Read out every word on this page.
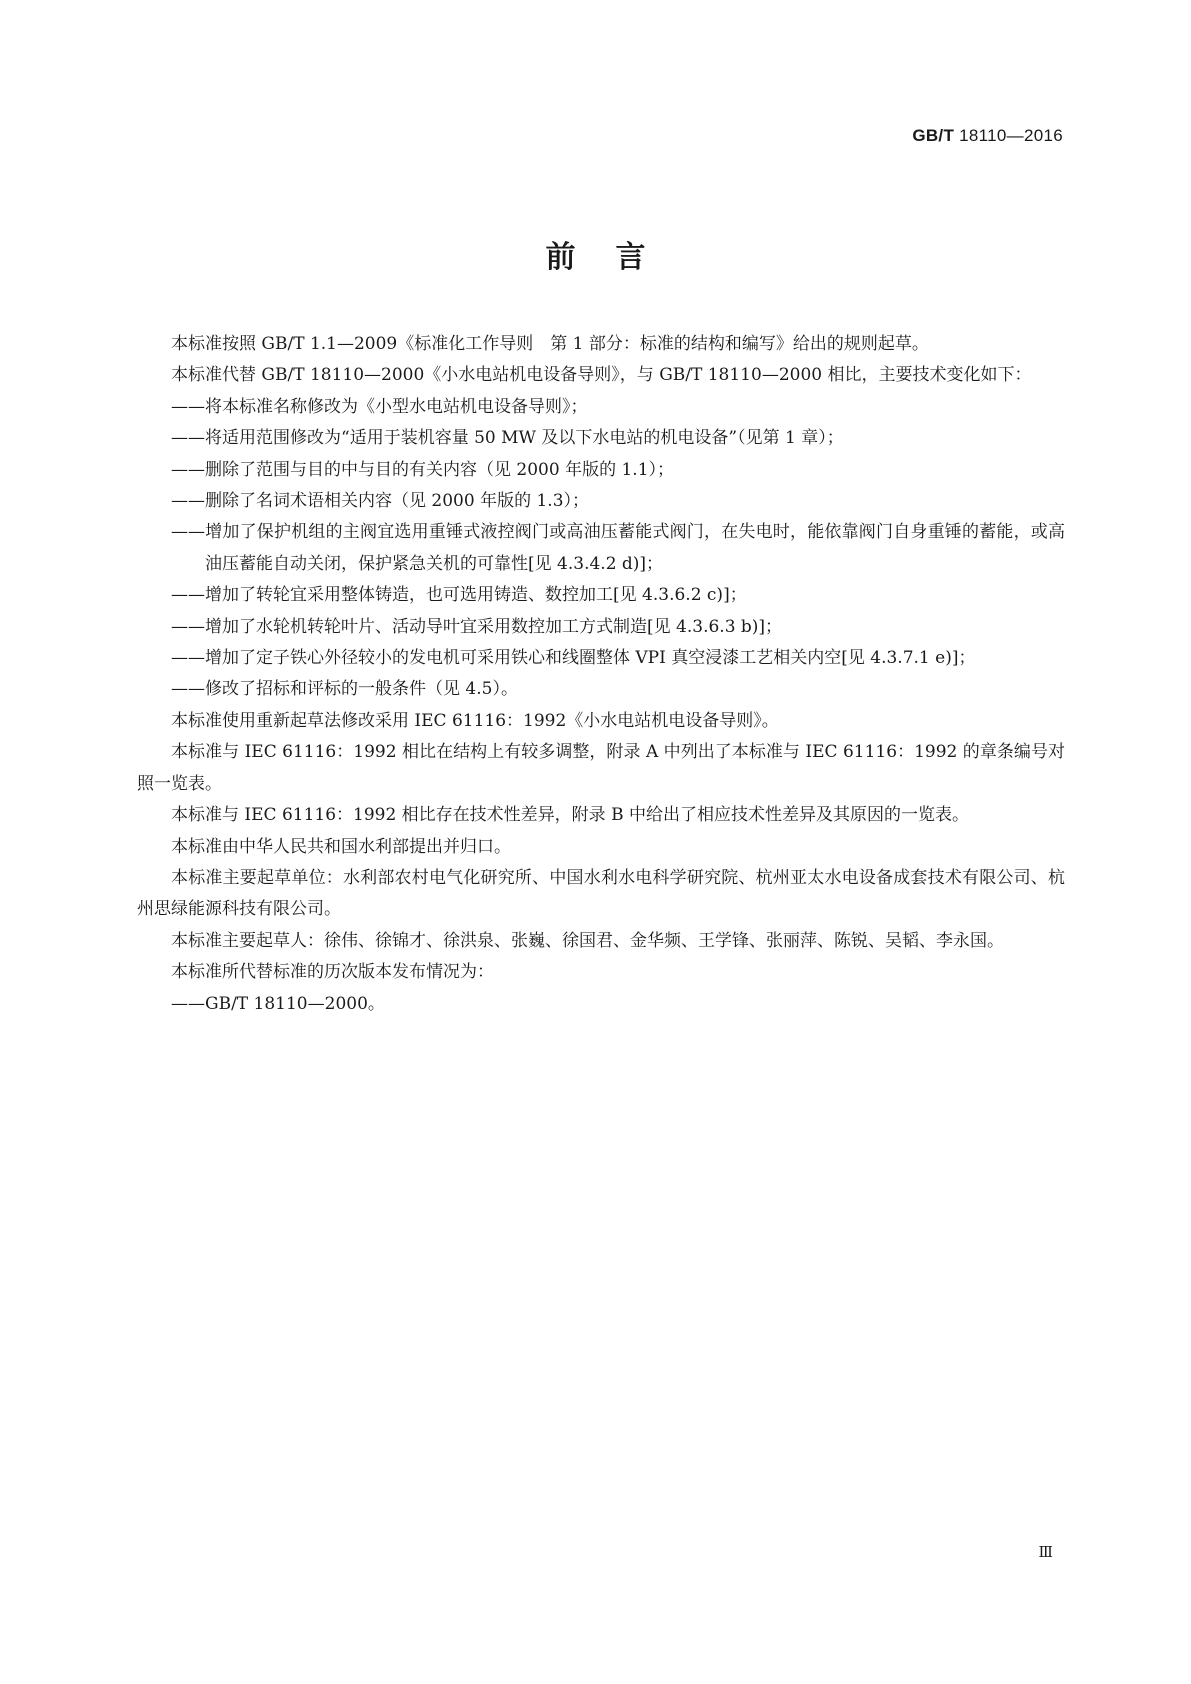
GB/T 18110—2016
前言

本标准按照 GB/T 1.1—2009《标准化工作导则　第 1 部分：标准的结构和编写》给出的规则起草。

本标准代替 GB/T 18110—2000《小水电站机电设备导则》，与 GB/T 18110—2000 相比，主要技术变化如下：

——将本标准名称修改为《小型水电站机电设备导则》；

——将适用范围修改为“适用于装机容量 50 MW 及以下水电站的机电设备”（见第 1 章）；

——删除了范围与目的中与目的有关内容（见 2000 年版的 1.1）；

——删除了名词术语相关内容（见 2000 年版的 1.3）；

——增加了保护机组的主阀宜选用重锤式液控阀门或高油压蓄能式阀门，在失电时，能依靠阀门自身重锤的蓄能，或高油压蓄能自动关闭，保护紧急关机的可靠性[见 4.3.4.2 d)]；

——增加了转轮宜采用整体铸造，也可选用铸造、数控加工[见 4.3.6.2 c)]；

——增加了水轮机转轮叶片、活动导叶宜采用数控加工方式制造[见 4.3.6.3 b)]；

——增加了定子铁心外径较小的发电机可采用铁心和线圈整体 VPI 真空浸漆工艺相关内空[见 4.3.7.1 e)]；

——修改了招标和评标的一般条件（见 4.5）。

本标准使用重新起草法修改采用 IEC 61116：1992《小水电站机电设备导则》。

本标准与 IEC 61116：1992 相比在结构上有较多调整，附录 A 中列出了本标准与 IEC 61116：1992 的章条编号对照一览表。

本标准与 IEC 61116：1992 相比存在技术性差异，附录 B 中给出了相应技术性差异及其原因的一览表。

本标准由中华人民共和国水利部提出并归口。

本标准主要起草单位：水利部农村电气化研究所、中国水利水电科学研究院、杭州亚太水电设备成套技术有限公司、杭州思绿能源科技有限公司。

本标准主要起草人：徐伟、徐锦才、徐洪泉、张巍、徐国君、金华频、王学锋、张丽萍、陈锐、吴韬、李永国。

本标准所代替标准的历次版本发布情况为：

——GB/T 18110—2000。

Ⅲ
